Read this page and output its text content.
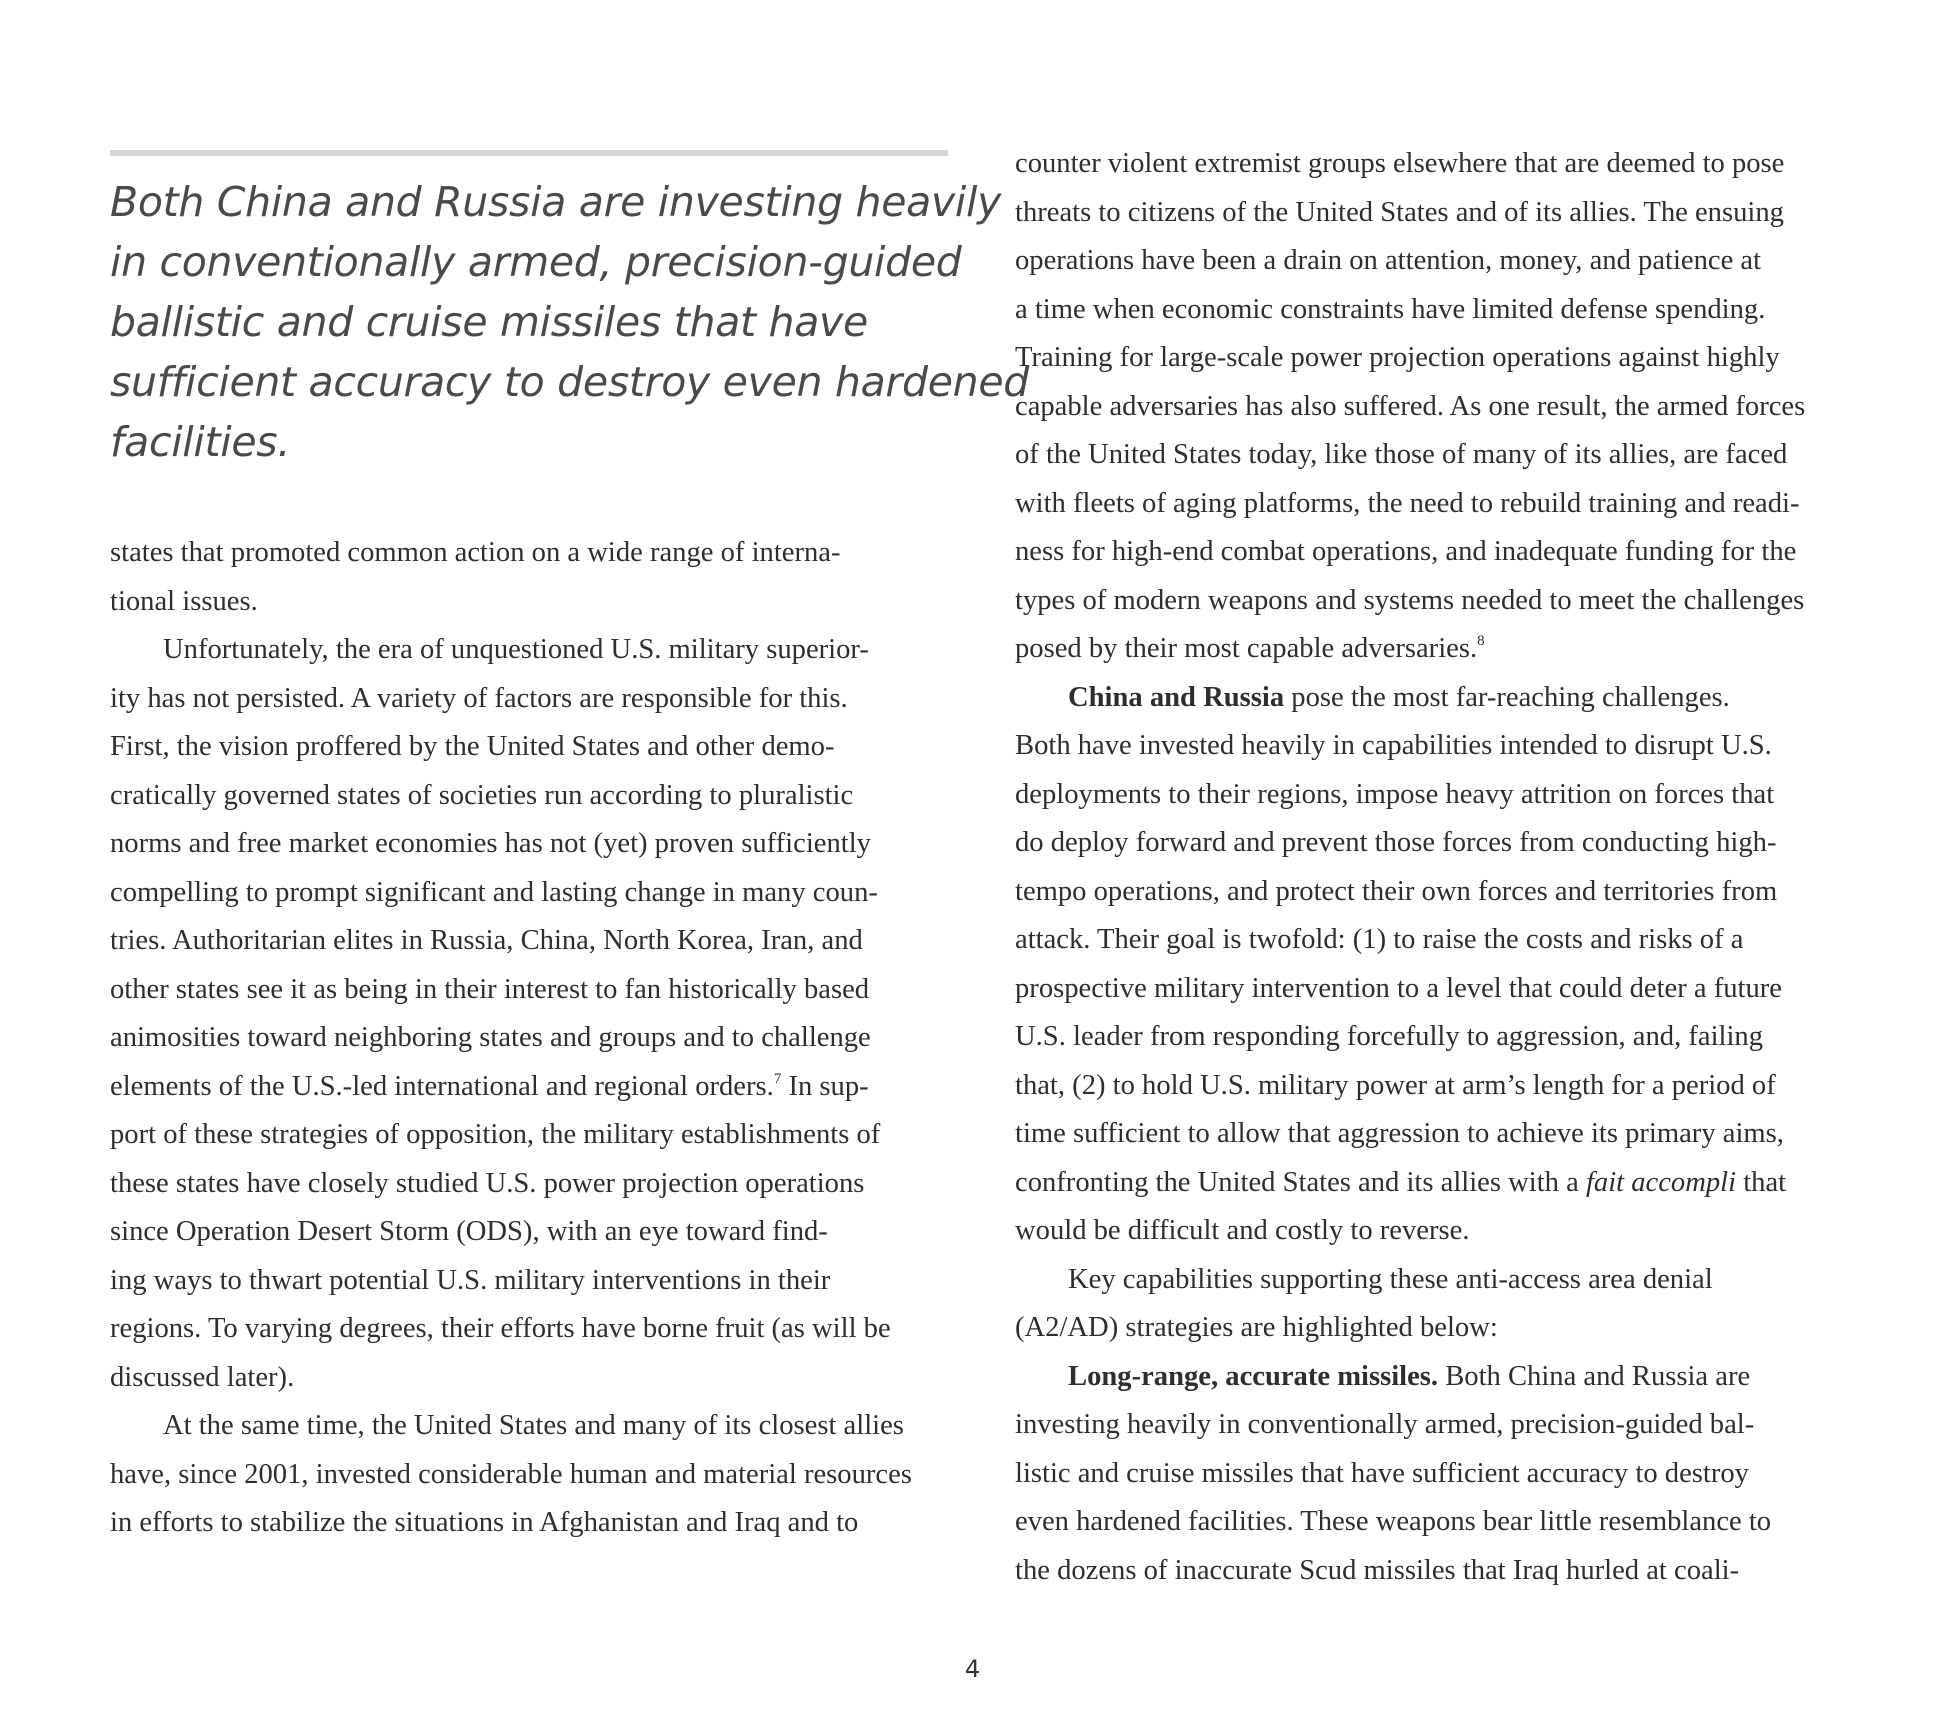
Both China and Russia are investing heavily
in conventionally armed, precision-guided
ballistic and cruise missiles that have
sufficient accuracy to destroy even hardened
facilities.
states that promoted common action on a wide range of interna-
tional issues.
Unfortunately, the era of unquestioned U.S. military superior-
ity has not persisted. A variety of factors are responsible for this.
First, the vision proffered by the United States and other demo-
cratically governed states of societies run according to pluralistic
norms and free market economies has not (yet) proven sufficiently
compelling to prompt significant and lasting change in many coun-
tries. Authoritarian elites in Russia, China, North Korea, Iran, and
other states see it as being in their interest to fan historically based
animosities toward neighboring states and groups and to challenge
elements of the U.S.-led international and regional orders.$^7$ In sup-
port of these strategies of opposition, the military establishments of
these states have closely studied U.S. power projection operations
since Operation Desert Storm (ODS), with an eye toward find-
ing ways to thwart potential U.S. military interventions in their
regions. To varying degrees, their efforts have borne fruit (as will be
discussed later).
At the same time, the United States and many of its closest allies
have, since 2001, invested considerable human and material resources
in efforts to stabilize the situations in Afghanistan and Iraq and to
counter violent extremist groups elsewhere that are deemed to pose
threats to citizens of the United States and of its allies. The ensuing
operations have been a drain on attention, money, and patience at
a time when economic constraints have limited defense spending.
Training for large-scale power projection operations against highly
capable adversaries has also suffered. As one result, the armed forces
of the United States today, like those of many of its allies, are faced
with fleets of aging platforms, the need to rebuild training and readi-
ness for high-end combat operations, and inadequate funding for the
types of modern weapons and systems needed to meet the challenges
posed by their most capable adversaries.$^8$
China and Russia pose the most far-reaching challenges.
Both have invested heavily in capabilities intended to disrupt U.S.
deployments to their regions, impose heavy attrition on forces that
do deploy forward and prevent those forces from conducting high-
tempo operations, and protect their own forces and territories from
attack. Their goal is twofold: (1) to raise the costs and risks of a
prospective military intervention to a level that could deter a future
U.S. leader from responding forcefully to aggression, and, failing
that, (2) to hold U.S. military power at arm’s length for a period of
time sufficient to allow that aggression to achieve its primary aims,
confronting the United States and its allies with a fait accompli that
would be difficult and costly to reverse.
Key capabilities supporting these anti-access area denial
(A2/AD) strategies are highlighted below:
Long-range, accurate missiles. Both China and Russia are
investing heavily in conventionally armed, precision-guided bal-
listic and cruise missiles that have sufficient accuracy to destroy
even hardened facilities. These weapons bear little resemblance to
the dozens of inaccurate Scud missiles that Iraq hurled at coali-
4
